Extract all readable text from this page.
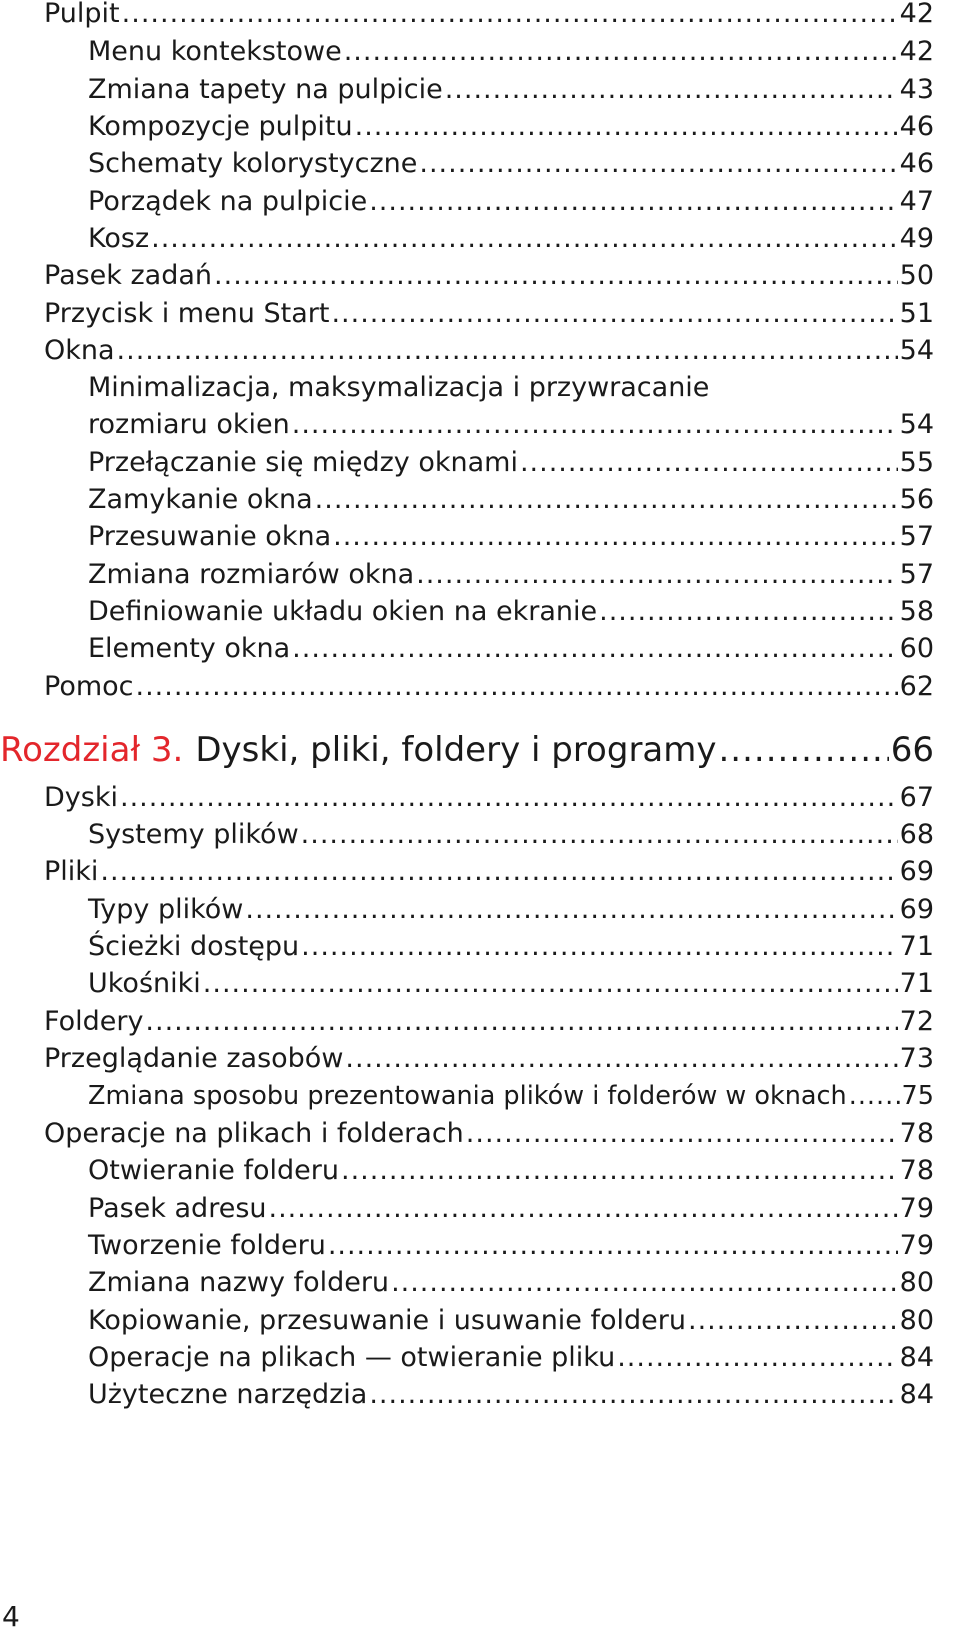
Pulpit .....	42
Menu kontekstowe .....	42
Zmiana tapety na pulpicie .....	43
Kompozycje pulpitu .....	46
Schematy kolorystyczne .....	46
Porządek na pulpicie .....	47
Kosz .....	49
Pasek zadań .....	50
Przycisk i menu Start .....	51
Okna .....	54
Minimalizacja, maksymalizacja i przywracanie
rozmiaru okien .....	54
Przełączanie się między oknami .....	55
Zamykanie okna .....	56
Przesuwanie okna .....	57
Zmiana rozmiarów okna .....	57
Definiowanie układu okien na ekranie .....	58
Elementy okna .....	60
Pomoc .....	62
Rozdział 3. Dyski, pliki, foldery i programy .....	66
Dyski .....	67
Systemy plików .....	68
Pliki .....	69
Typy plików .....	69
Ścieżki dostępu .....	71
Ukośniki .....	71
Foldery .....	72
Przeglądanie zasobów .....	73
Zmiana sposobu prezentowania plików i folderów w oknach ..... 75
Operacje na plikach i folderach .....	78
Otwieranie folderu .....	78
Pasek adresu .....	79
Tworzenie folderu .....	79
Zmiana nazwy folderu .....	80
Kopiowanie, przesuwanie i usuwanie folderu .....	80
Operacje na plikach — otwieranie pliku .....	84
Użyteczne narzędzia .....	84
4
